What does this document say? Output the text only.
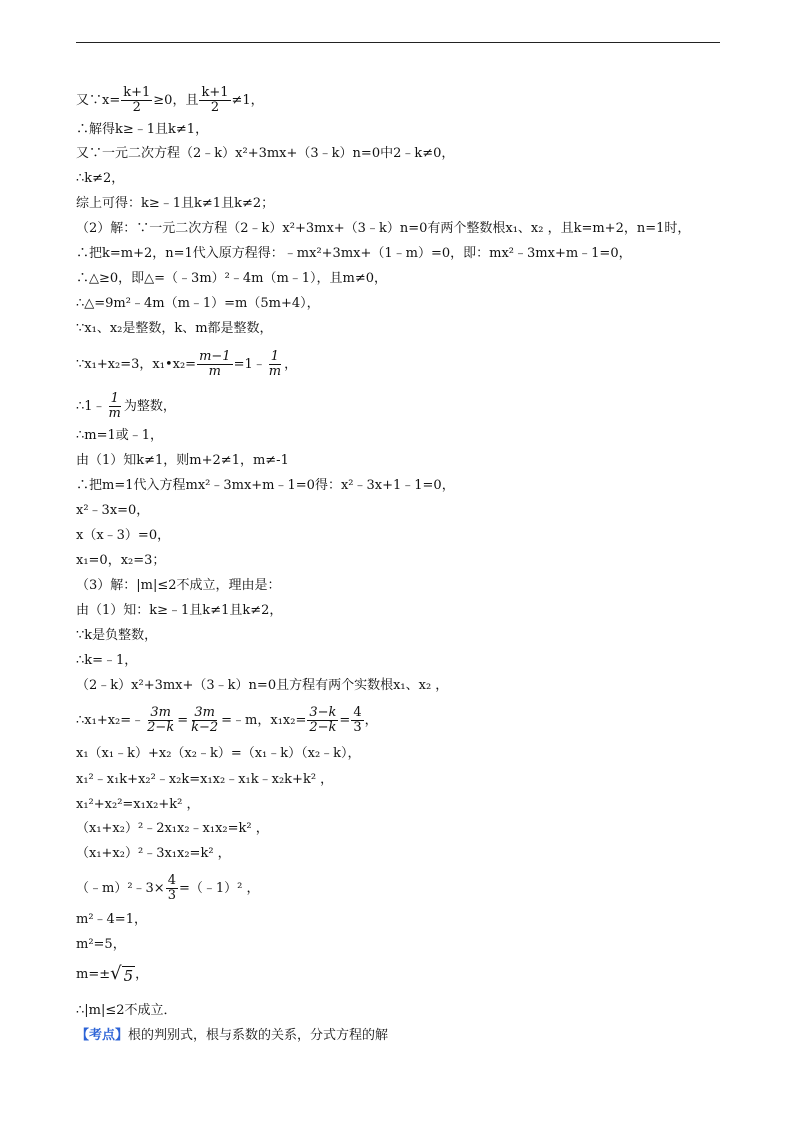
又∵x= $\frac{k+1}{2} \ge 0$，且 $\frac{k+1}{2} \ne 1$，
∴解得k≥﹣1且k≠1，
又∵一元二次方程（2﹣k）x²+3mx+（3﹣k）n=0中2﹣k≠0，
∴k≠2，
综上可得：k≥﹣1且k≠1且k≠2；
（2）解：∵一元二次方程（2﹣k）x²+3mx+（3﹣k）n=0有两个整数根x₁、x₂ ，且k=m+2，n=1时，
∴把k=m+2，n=1代入原方程得：﹣mx²+3mx+（1﹣m）=0，即：mx²﹣3mx+m﹣1=0，
∴△≥0，即△=（﹣3m）²﹣4m（m﹣1），且m≠0，
∴△=9m²﹣4m（m﹣1）=m（5m+4），
∵x₁、x₂是整数，k、m都是整数，
∵x₁+x₂=3，x₁•x₂= $\frac{m-1}{m}$ =1﹣ $\frac{1}{m}$ ，
∴1﹣ $\frac{1}{m}$ 为整数，
∴m=1或﹣1，
由（1）知k≠1，则m+2≠1，m≠-1
∴把m=1代入方程mx²﹣3mx+m﹣1=0得：x²﹣3x+1﹣1=0，
x²﹣3x=0，
x（x﹣3）=0，
x₁=0，x₂=3；
（3）解：|m|≤2不成立，理由是：
由（1）知：k≥﹣1且k≠1且k≠2，
∵k是负整数，
∴k=﹣1，
（2﹣k）x²+3mx+（3﹣k）n=0且方程有两个实数根x₁、x₂ ，
∴x₁+x₂=﹣ $\frac{3m}{2-k} = \frac{3m}{k-2}$ =﹣m，$x_1x_2= \frac{3-k}{2-k} = \frac{4}{3}$ ，
x₁（x₁﹣k）+x₂（x₂﹣k）=（x₁﹣k）（x₂﹣k），
x₁²﹣x₁k+x₂²﹣x₂k=x₁x₂﹣x₁k﹣x₂k+k² ，
x₁²+x₂²=x₁x₂+k² ，
（x₁+x₂）²﹣2x₁x₂﹣x₁x₂=k² ，
（x₁+x₂）²﹣3x₁x₂=k² ，
（﹣m）²﹣3× $\frac{4}{3}$ =（﹣1）² ，
m²﹣4=1，
m²=5，
m=± √ 5 ，
∴|m|≤2不成立．
【考点】根的判别式，根与系数的关系，分式方程的解
